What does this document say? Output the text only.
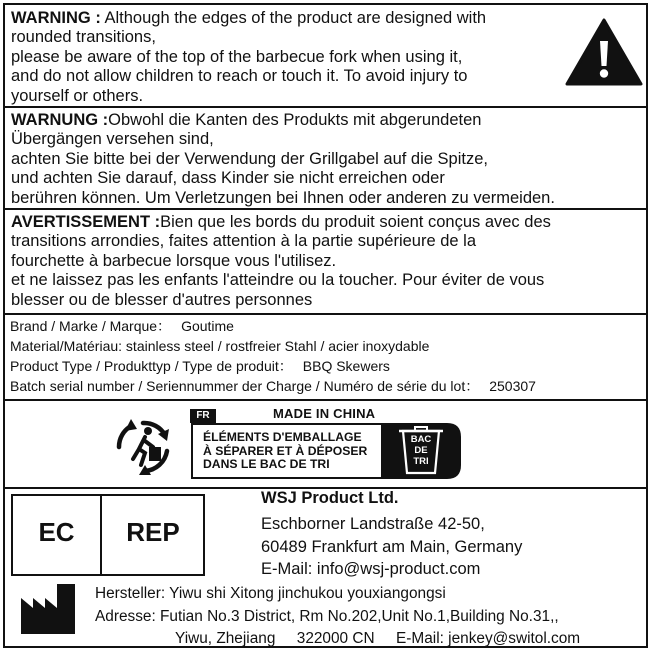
WARNING : Although the edges of the product are designed with
rounded transitions,
please be aware of the top of the barbecue fork when using it,
and do not allow children to reach or touch it. To avoid injury to
yourself or others.
WARNUNG :Obwohl die Kanten des Produkts mit abgerundeten
Übergängen versehen sind,
achten Sie bitte bei der Verwendung der Grillgabel auf die Spitze,
und achten Sie darauf, dass Kinder sie nicht erreichen oder
berühren können. Um Verletzungen bei Ihnen oder anderen zu vermeiden.
AVERTISSEMENT :Bien que les bords du produit soient conçus avec des
transitions arrondies, faites attention à la partie supérieure de la
fourchette à barbecue lorsque vous l'utilisez.
et ne laissez pas les enfants l'atteindre ou la toucher. Pour éviter de vous
blesser ou de blesser d'autres personnes
Brand / Marke / Marque： Goutime
Material/Matériau: stainless steel / rostfreier Stahl / acier inoxydable
Product Type / Produkttyp / Type de produit： BBQ Skewers
Batch serial number / Seriennummer der Charge / Numéro de série du lot： 250307
FR	MADE IN CHINA
ÉLÉMENTS D'EMBALLAGE
À SÉPARER ET À DÉPOSER
DANS LE BAC DE TRI
BAC
DE
TRI
EC	REP
WSJ Product Ltd.
Eschborner Landstraße 42-50,
60489 Frankfurt am Main, Germany
E-Mail: info@wsj-product.com
Hersteller: Yiwu shi Xitong jinchukou youxiangongsi
Adresse: Futian No.3 District, Rm No.202,Unit No.1,Building No.31,,
Yiwu, Zhejiang     322000 CN     E-Mail: jenkey@switol.com
